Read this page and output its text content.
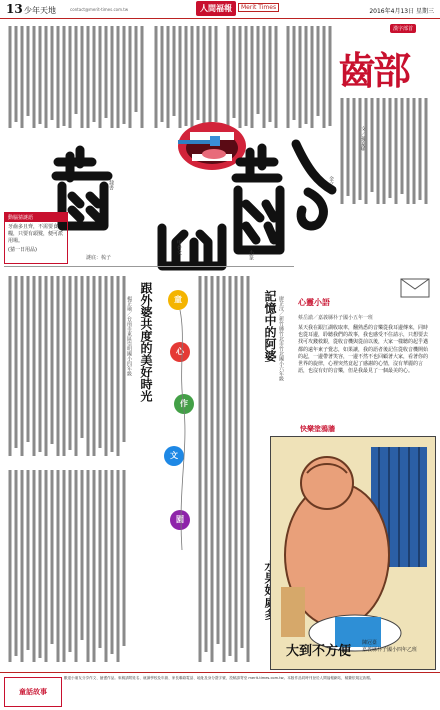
13 少年天地	contact@merit-times.com.tw	人間福報	Merit Times
2016年4月13日 星期三
漢字部首
齒部
文／孫嘉敏
隸書
甲骨文	小篆
金文
動腦猜謎語
牙齒多且齊，不需要食糧，只要有頭髮，便可派用場。
(猜一日用品)
謎底：梳子
跟外婆共度的美好時光
楊芷瑜／台南市東區崇明國小四年級	童
心
作
文
園
記憶中的阿婆 廖芷汶／新竹縣竹北市竹北國小六年級 心靈小語
蔡岳澈／嘉義縣朴子國小五年一班
某天我在跟江湖收取車，翻熟悉的音樂從我耳邊傳來，同時也從耳邊，聆聽我們的故事，我也感受不住請示，只想要去找可攻錢救銀，從收音機與從前以後，大家一樣聽的起乎邁都的遠年東子覺志，如果讓，我的語者後記住從收音機開始的起，一邊帶著笑容，一邊不然不也回顧著大家，看著你的世界的旋律，心裡突然竟起了感謝的心情，沒有華麗的言語，也沒有好的音樂，但是我最見了一個最美的心。
快樂塗鴉牆
大到不方便
陳冠臺
嘉義縣朴子國小四年乙班
童話故事
歡迎小朋友分享作文、繪畫作品。來稿請附姓名、就讀學校及年級、家長聯絡電話、地址及身分證字號，投稿請寄至 merit-times.com.tw。本版作品同時刊登於人間福報網站，稿費依規定致贈。
